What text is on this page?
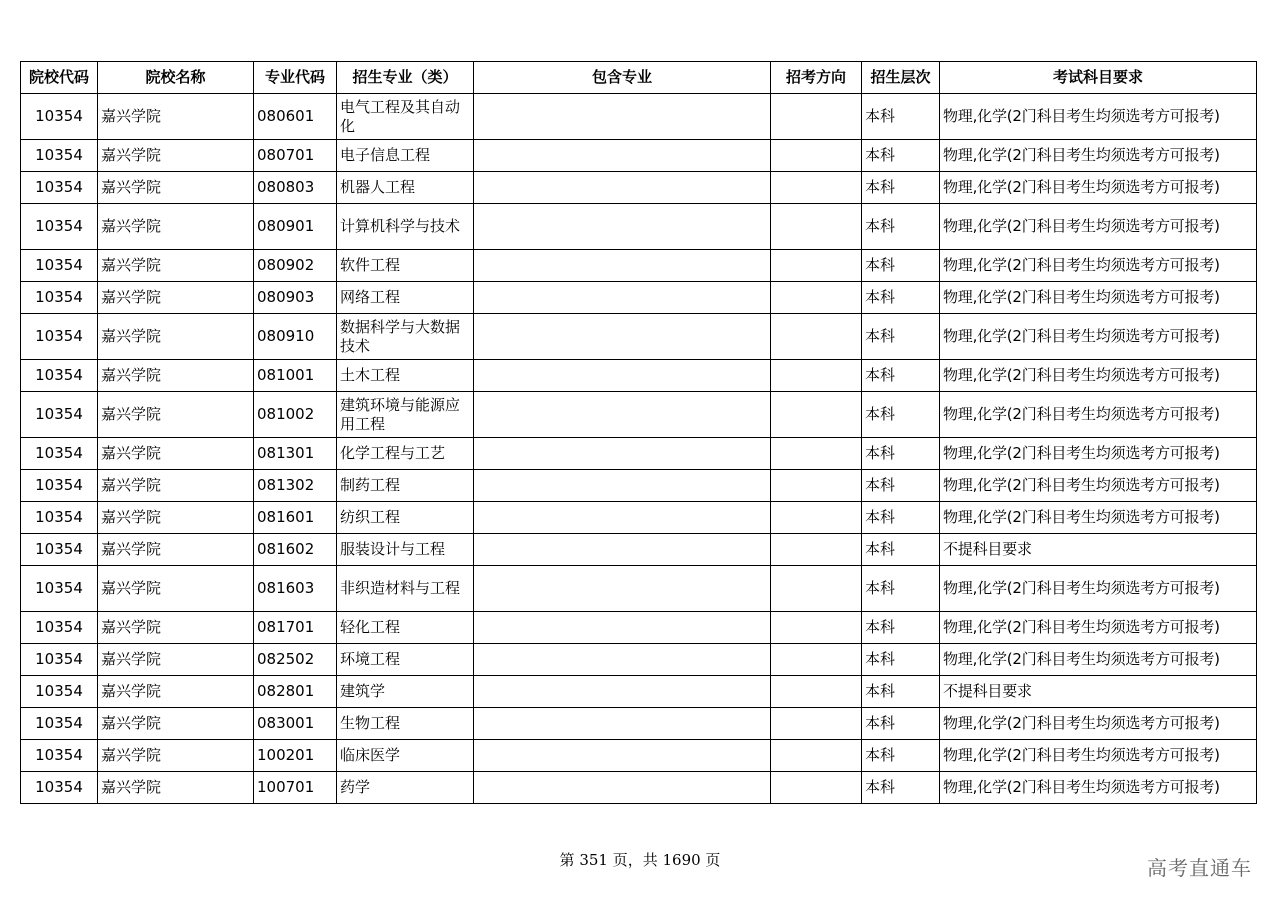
院校代码	院校名称	专业代码	招生专业（类）	包含专业	招考方向	招生层次	考试科目要求
10354	嘉兴学院	080601	电气工程及其自动化			本科	物理,化学(2门科目考生均须选考方可报考)
10354	嘉兴学院	080701	电子信息工程			本科	物理,化学(2门科目考生均须选考方可报考)
10354	嘉兴学院	080803	机器人工程			本科	物理,化学(2门科目考生均须选考方可报考)
10354	嘉兴学院	080901	计算机科学与技术			本科	物理,化学(2门科目考生均须选考方可报考)
10354	嘉兴学院	080902	软件工程			本科	物理,化学(2门科目考生均须选考方可报考)
10354	嘉兴学院	080903	网络工程			本科	物理,化学(2门科目考生均须选考方可报考)
10354	嘉兴学院	080910	数据科学与大数据技术			本科	物理,化学(2门科目考生均须选考方可报考)
10354	嘉兴学院	081001	土木工程			本科	物理,化学(2门科目考生均须选考方可报考)
10354	嘉兴学院	081002	建筑环境与能源应用工程			本科	物理,化学(2门科目考生均须选考方可报考)
10354	嘉兴学院	081301	化学工程与工艺			本科	物理,化学(2门科目考生均须选考方可报考)
10354	嘉兴学院	081302	制药工程			本科	物理,化学(2门科目考生均须选考方可报考)
10354	嘉兴学院	081601	纺织工程			本科	物理,化学(2门科目考生均须选考方可报考)
10354	嘉兴学院	081602	服装设计与工程			本科	不提科目要求
10354	嘉兴学院	081603	非织造材料与工程			本科	物理,化学(2门科目考生均须选考方可报考)
10354	嘉兴学院	081701	轻化工程			本科	物理,化学(2门科目考生均须选考方可报考)
10354	嘉兴学院	082502	环境工程			本科	物理,化学(2门科目考生均须选考方可报考)
10354	嘉兴学院	082801	建筑学			本科	不提科目要求
10354	嘉兴学院	083001	生物工程			本科	物理,化学(2门科目考生均须选考方可报考)
10354	嘉兴学院	100201	临床医学			本科	物理,化学(2门科目考生均须选考方可报考)
10354	嘉兴学院	100701	药学			本科	物理,化学(2门科目考生均须选考方可报考)
第 351 页，共 1690 页	高考直通车
